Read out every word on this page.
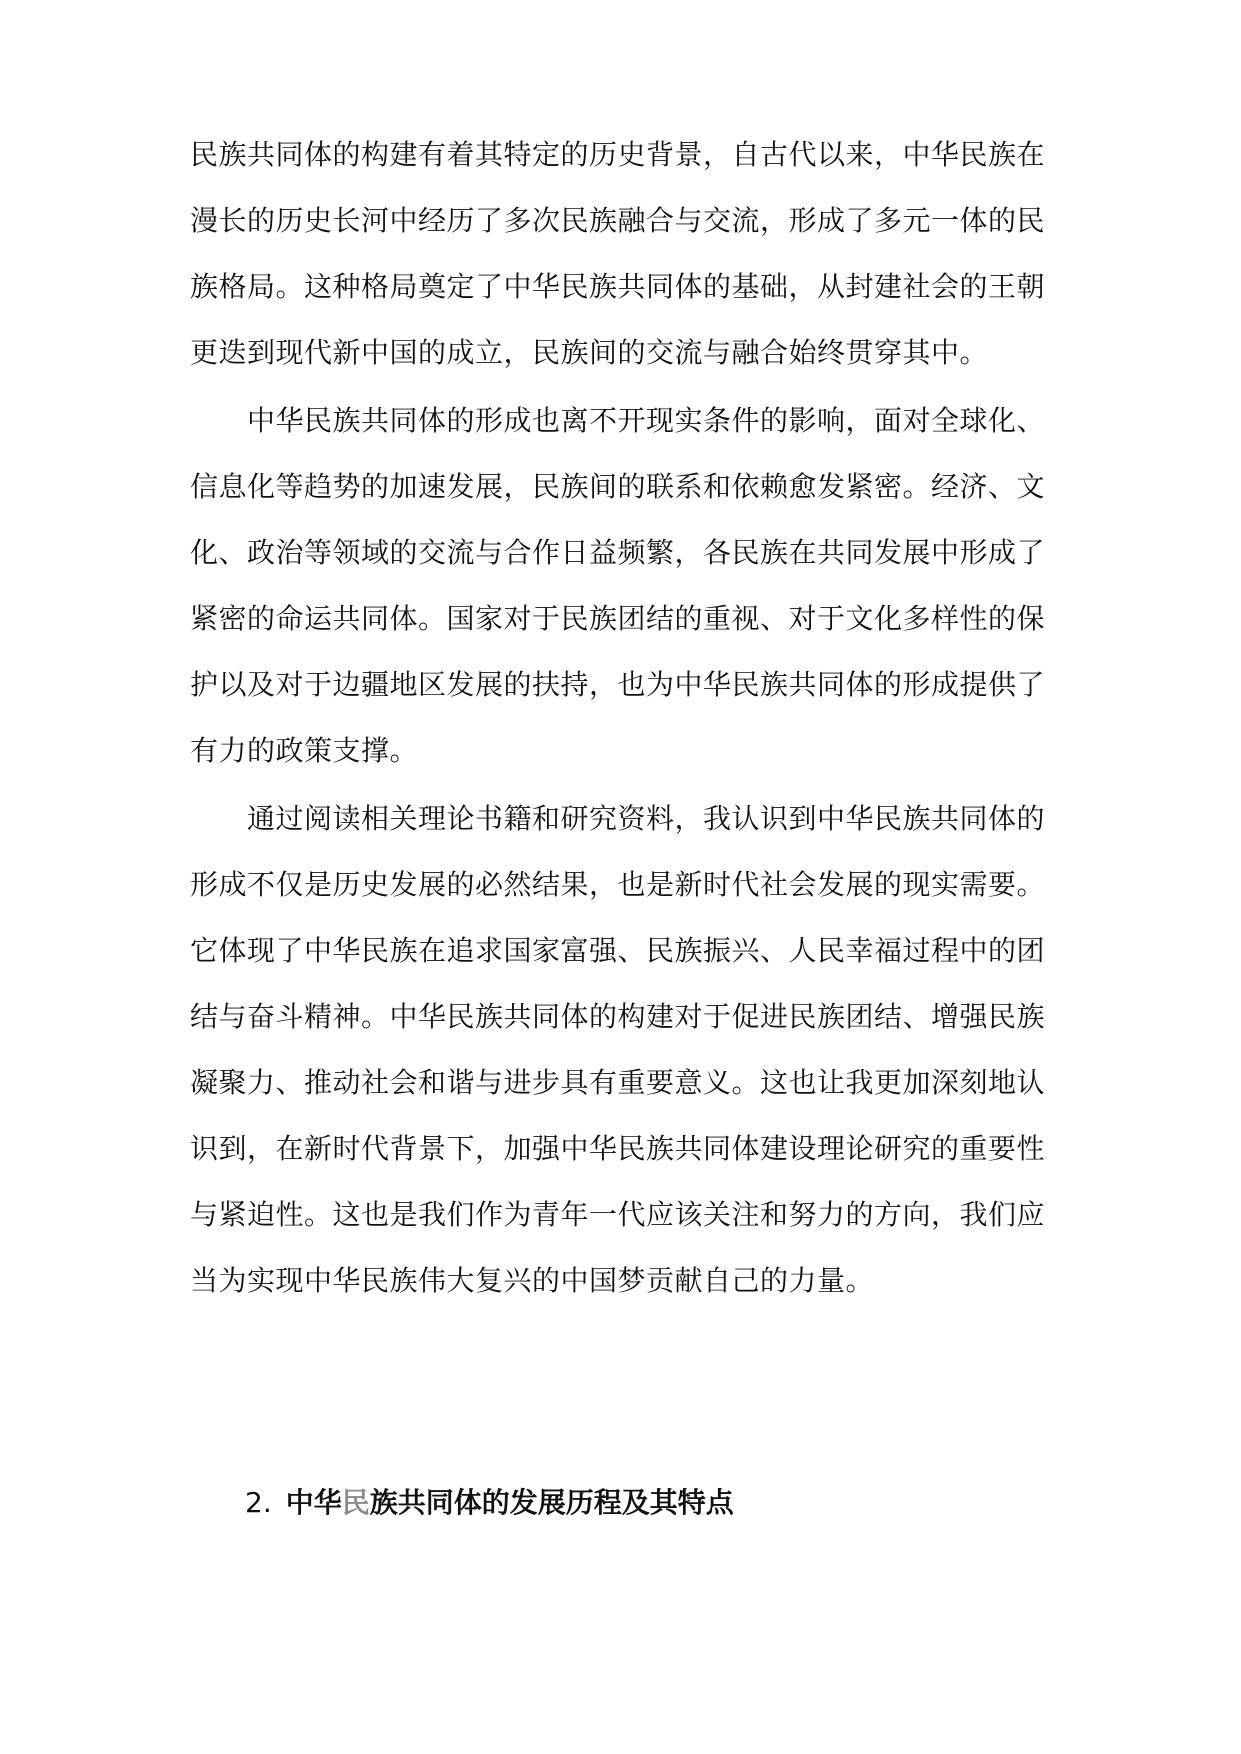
民族共同体的构建有着其特定的历史背景，自古代以来，中华民族在
漫长的历史长河中经历了多次民族融合与交流，形成了多元一体的民
族格局。这种格局奠定了中华民族共同体的基础，从封建社会的王朝
更迭到现代新中国的成立，民族间的交流与融合始终贯穿其中。
中华民族共同体的形成也离不开现实条件的影响，面对全球化、
信息化等趋势的加速发展，民族间的联系和依赖愈发紧密。经济、文
化、政治等领域的交流与合作日益频繁，各民族在共同发展中形成了
紧密的命运共同体。国家对于民族团结的重视、对于文化多样性的保
护以及对于边疆地区发展的扶持，也为中华民族共同体的形成提供了
有力的政策支撑。
通过阅读相关理论书籍和研究资料，我认识到中华民族共同体的
形成不仅是历史发展的必然结果，也是新时代社会发展的现实需要。
它体现了中华民族在追求国家富强、民族振兴、人民幸福过程中的团
结与奋斗精神。中华民族共同体的构建对于促进民族团结、增强民族
凝聚力、推动社会和谐与进步具有重要意义。这也让我更加深刻地认
识到，在新时代背景下，加强中华民族共同体建设理论研究的重要性
与紧迫性。这也是我们作为青年一代应该关注和努力的方向，我们应
当为实现中华民族伟大复兴的中国梦贡献自己的力量。
2. 中华民族共同体的发展历程及其特点
